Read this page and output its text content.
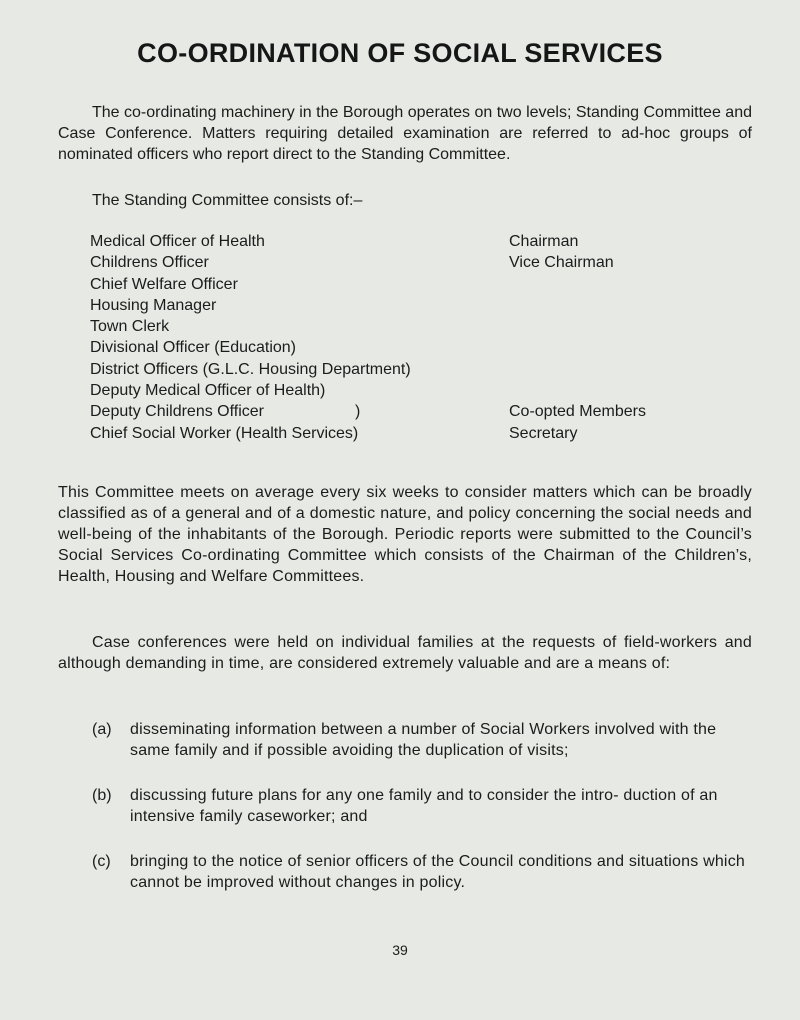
CO-ORDINATION OF SOCIAL SERVICES

The co-ordinating machinery in the Borough operates on two levels; Standing Committee and Case Conference. Matters requiring detailed examination are referred to ad-hoc groups of nominated officers who report direct to the Standing Committee.

The Standing Committee consists of:–

Medical Officer of Health	Chairman
Childrens Officer	Vice Chairman
Chief Welfare Officer
Housing Manager
Town Clerk
Divisional Officer (Education)
District Officers (G.L.C. Housing Department)
Deputy Medical Officer of Health)
Deputy Childrens Officer	)	Co-opted Members
Chief Social Worker (Health Services)	Secretary

This Committee meets on average every six weeks to consider matters which can be broadly classified as of a general and of a domestic nature, and policy concerning the social needs and well-being of the inhabitants of the Borough. Periodic reports were submitted to the Council’s Social Services Co-ordinating Committee which consists of the Chairman of the Children’s, Health, Housing and Welfare Committees.

Case conferences were held on individual families at the requests of field-workers and although demanding in time, are considered extremely valuable and are a means of:

(a) disseminating information between a number of Social Workers involved with the same family and if possible avoiding the duplication of visits;
(b) discussing future plans for any one family and to consider the intro- duction of an intensive family caseworker; and
(c) bringing to the notice of senior officers of the Council conditions and situations which cannot be improved without changes in policy.
39
